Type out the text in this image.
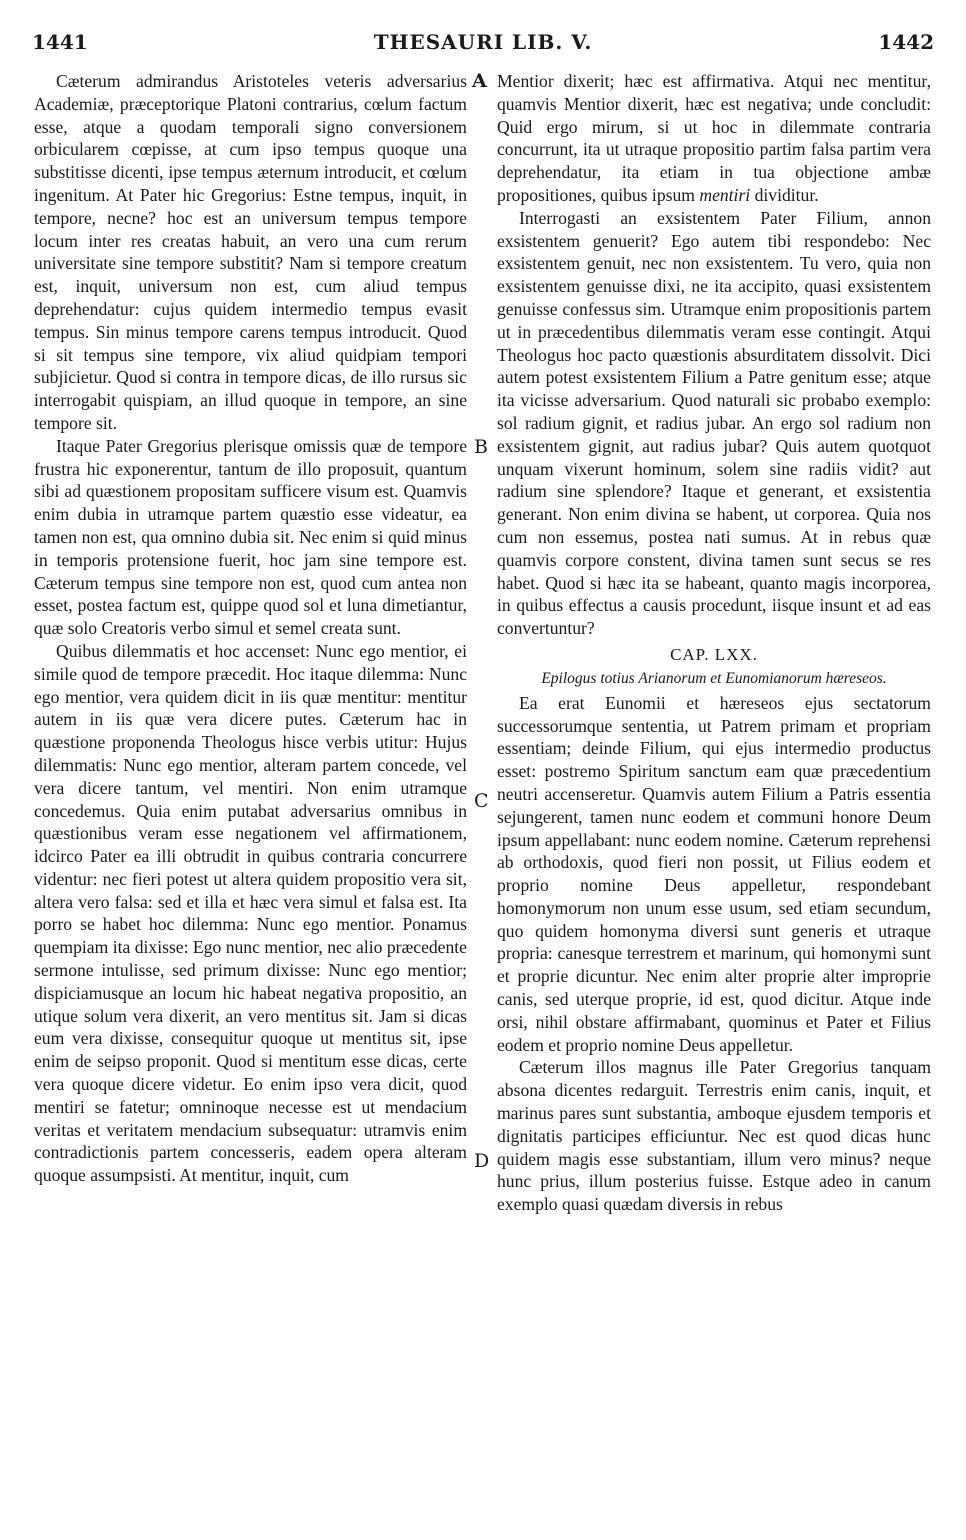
1441	THESAURI LIB. V.	1442

Cæterum admirandus Aristoteles veteris adversarius Academiæ, præceptorique Platoni contrarius, cœlum factum esse, atque a quodam temporali signo conversionem orbicularem cœpisse, at cum ipso tempus quoque una substitisse dicenti, ipse tempus æternum introducit, et cœlum ingenitum. At Pater hic Gregorius: Estne tempus, inquit, in tempore, necne? hoc est an universum tempus tempore locum inter res creatas habuit, an vero una cum rerum universitate sine tempore substitit? Nam si tempore creatum est, inquit, universum non est, cum aliud tempus deprehendatur: cujus quidem intermedio tempus evasit tempus. Sin minus tempore carens tempus introducit. Quod si sit tempus sine tempore, vix aliud quidpiam tempori subjicietur. Quod si contra in tempore dicas, de illo rursus sic interrogabit quispiam, an illud quoque in tempore, an sine tempore sit.

Itaque Pater Gregorius plerisque omissis quæ de tempore frustra hic exponerentur, tantum de illo proposuit, quantum sibi ad quæstionem propositam sufficere visum est. Quamvis enim dubia in utramque partem quæstio esse videatur, ea tamen non est, qua omnino dubia sit. Nec enim si quid minus in temporis protensione fuerit, hoc jam sine tempore est. Cæterum tempus sine tempore non est, quod cum antea non esset, postea factum est, quippe quod sol et luna dimetiantur, quæ solo Creatoris verbo simul et semel creata sunt.

Quibus dilemmatis et hoc accenset: Nunc ego mentior, ei simile quod de tempore præcedit. Hoc itaque dilemma: Nunc ego mentior, vera quidem dicit in iis quæ mentitur: mentitur autem in iis quæ vera dicere putes. Cæterum hac in quæstione proponenda Theologus hisce verbis utitur: Hujus dilemmatis: Nunc ego mentior, alteram partem concede, vel vera dicere tantum, vel mentiri. Non enim utramque concedemus. Quia enim putabat adversarius omnibus in quæstionibus veram esse negationem vel affirmationem, idcirco Pater ea illi obtrudit in quibus contraria concurrere videntur: nec fieri potest ut altera quidem propositio vera sit, altera vero falsa: sed et illa et hæc vera simul et falsa est. Ita porro se habet hoc dilemma: Nunc ego mentior. Ponamus quempiam ita dixisse: Ego nunc mentior, nec alio præcedente sermone intulisse, sed primum dixisse: Nunc ego mentior; dispiciamusque an locum hic habeat negativa propositio, an utique solum vera dixerit, an vero mentitus sit. Jam si dicas eum vera dixisse, consequitur quoque ut mentitus sit, ipse enim de seipso proponit. Quod si mentitum esse dicas, certe vera quoque dicere videtur. Eo enim ipso vera dicit, quod mentiri se fatetur; omninoque necesse est ut mendacium veritas et veritatem mendacium subsequatur: utramvis enim contradictionis partem concesseris, eadem opera alteram quoque assumpsisti. At mentitur, inquit, cum

A
B
C
D

Mentior dixerit; hæc est affirmativa. Atqui nec mentitur, quamvis Mentior dixerit, hæc est negativa; unde concludit: Quid ergo mirum, si ut hoc in dilemmate contraria concurrunt, ita ut utraque propositio partim falsa partim vera deprehendatur, ita etiam in tua objectione ambæ propositiones, quibus ipsum mentiri dividitur.

Interrogasti an exsistentem Pater Filium, annon exsistentem genuerit? Ego autem tibi respondebo: Nec exsistentem genuit, nec non exsistentem. Tu vero, quia non exsistentem genuisse dixi, ne ita accipito, quasi exsistentem genuisse confessus sim. Utramque enim propositionis partem ut in præcedentibus dilemmatis veram esse contingit. Atqui Theologus hoc pacto quæstionis absurditatem dissolvit. Dici autem potest exsistentem Filium a Patre genitum esse; atque ita vicisse adversarium. Quod naturali sic probabo exemplo: sol radium gignit, et radius jubar. An ergo sol radium non exsistentem gignit, aut radius jubar? Quis autem quotquot unquam vixerunt hominum, solem sine radiis vidit? aut radium sine splendore? Itaque et generant, et exsistentia generant. Non enim divina se habent, ut corporea. Quia nos cum non essemus, postea nati sumus. At in rebus quæ quamvis corpore constent, divina tamen sunt secus se res habet. Quod si hæc ita se habeant, quanto magis incorporea, in quibus effectus a causis procedunt, iisque insunt et ad eas convertuntur?

CAP. LXX.
Epilogus totius Arianorum et Eunomianorum hæreseos.

Ea erat Eunomii et hæreseos ejus sectatorum successorumque sententia, ut Patrem primam et propriam essentiam; deinde Filium, qui ejus intermedio productus esset: postremo Spiritum sanctum eam quæ præcedentium neutri accenseretur. Quamvis autem Filium a Patris essentia sejungerent, tamen nunc eodem et communi honore Deum ipsum appellabant: nunc eodem nomine. Cæterum reprehensi ab orthodoxis, quod fieri non possit, ut Filius eodem et proprio nomine Deus appelletur, respondebant homonymorum non unum esse usum, sed etiam secundum, quo quidem homonyma diversi sunt generis et utraque propria: canesque terrestrem et marinum, qui homonymi sunt et proprie dicuntur. Nec enim alter proprie alter improprie canis, sed uterque proprie, id est, quod dicitur. Atque inde orsi, nihil obstare affirmabant, quominus et Pater et Filius eodem et proprio nomine Deus appelletur.

Cæterum illos magnus ille Pater Gregorius tanquam absona dicentes redarguit. Terrestris enim canis, inquit, et marinus pares sunt substantia, amboque ejusdem temporis et dignitatis participes efficiuntur. Nec est quod dicas hunc quidem magis esse substantiam, illum vero minus? neque hunc prius, illum posterius fuisse. Estque adeo in canum exemplo quasi quædam diversis in rebus
